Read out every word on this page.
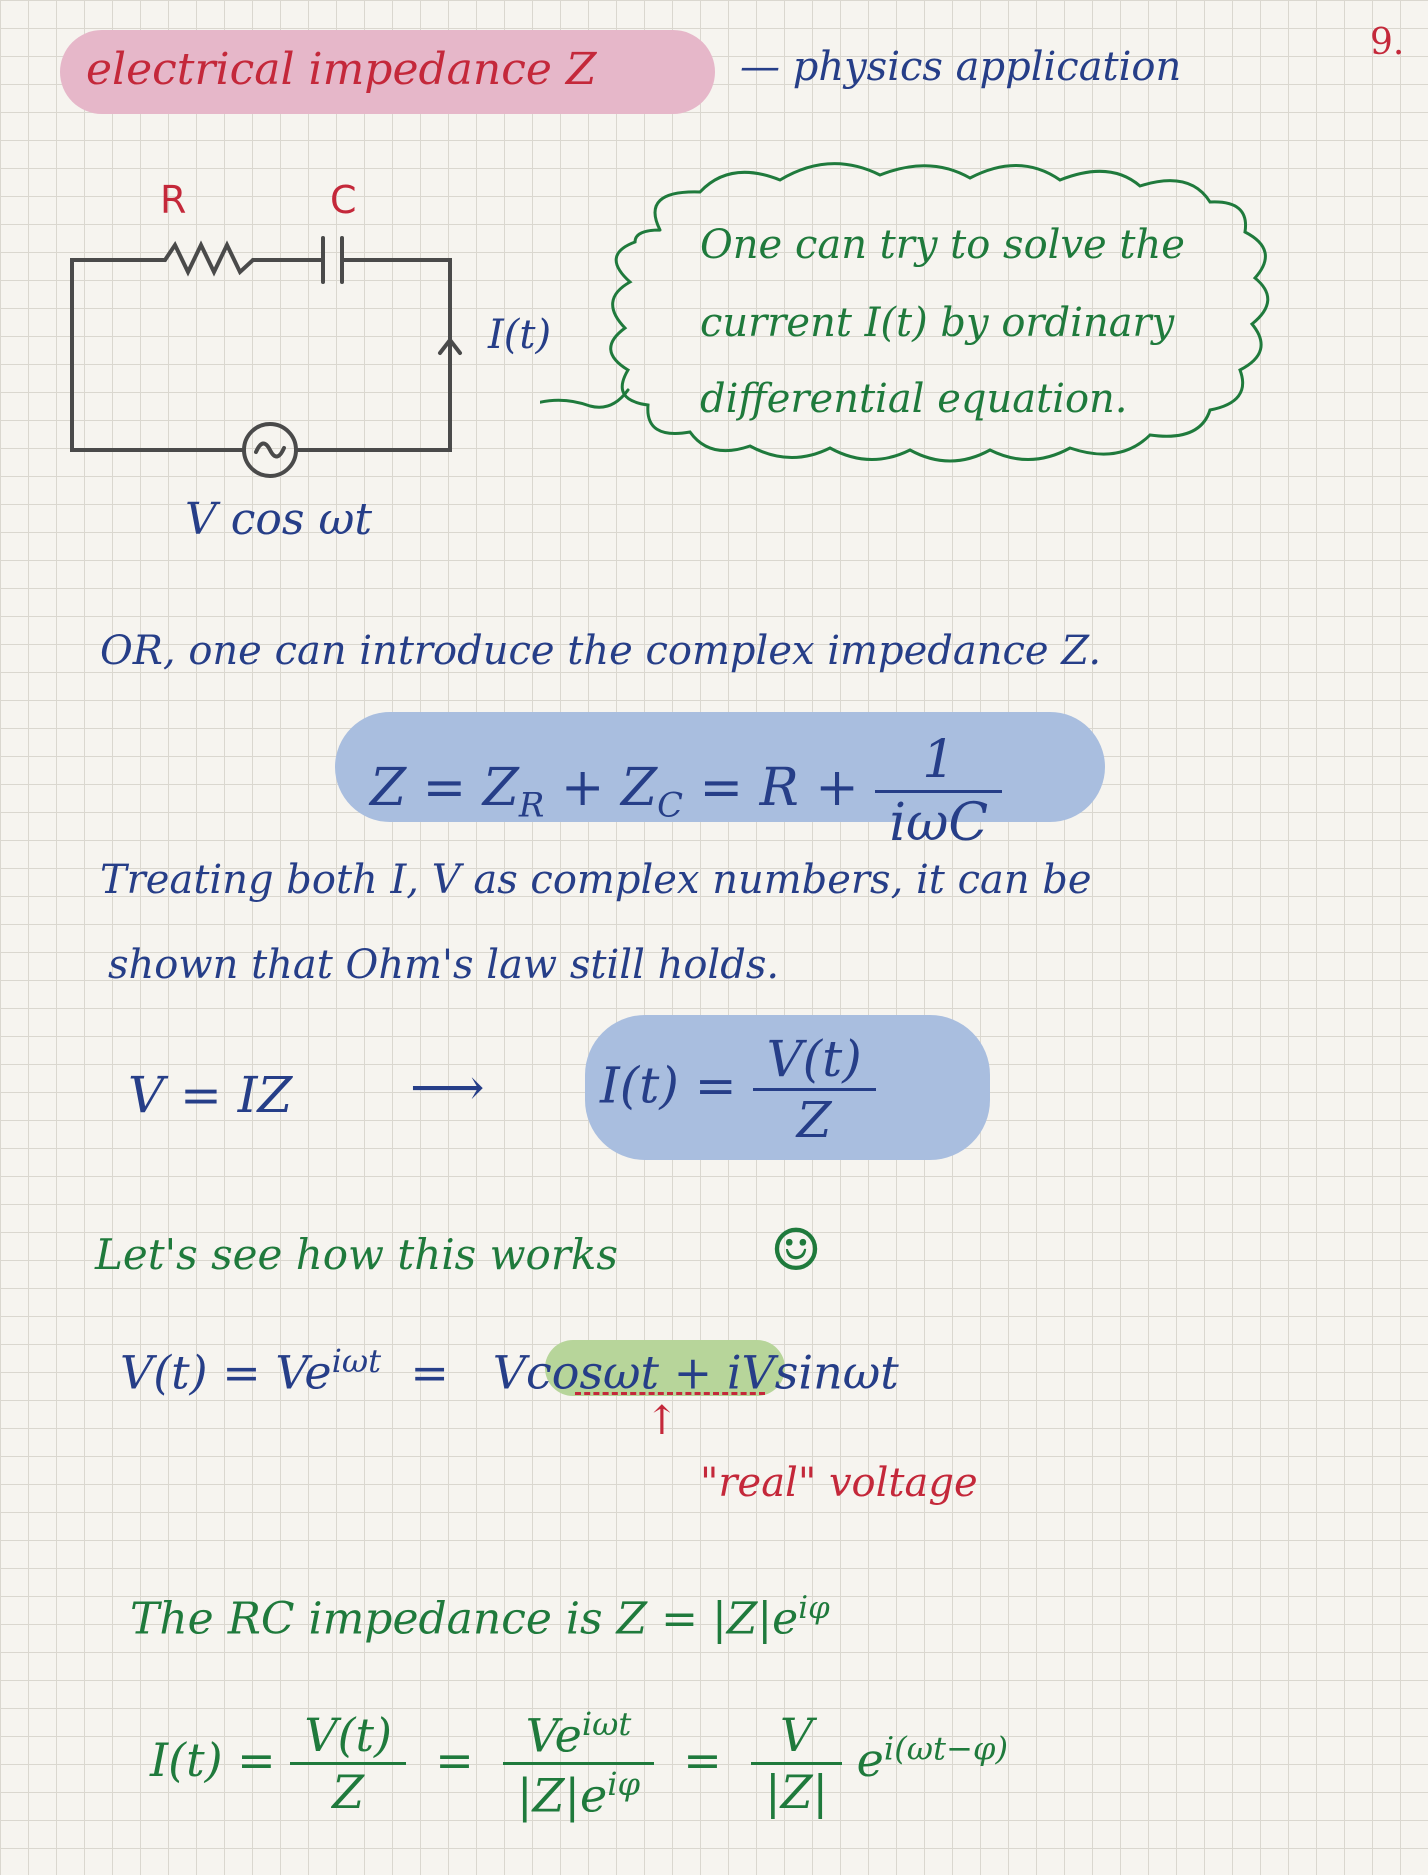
electrical impedance Z	— physics application
9.
R	C
I(t)
V cos ωt
One can try to solve the
current I(t) by ordinary
differential equation.
OR, one can introduce the complex impedance Z.
$Z = Z_R + Z_C = R + \frac{1}{\text{iωC}}$
Treating both I, V as complex numbers, it can be
shown that Ohm's law still holds.
V = IZ ⟶ $I(t) = \frac{V(t)}{Z}$
Let's see how this works	☺
$V(t) = Ve^{i\omega t} = Vcos\omega t + iVsin\omega t$
↑
"real" voltage
The RC impedance is $Z = |Z|e^{i\varphi}$
$I(t) = \frac{V(t)}{Z} = \frac{Ve^{i\omega t}}{|Z|e^{i\varphi}} = \frac{V}{|Z|} e^{i(\omega t-\varphi)}$
